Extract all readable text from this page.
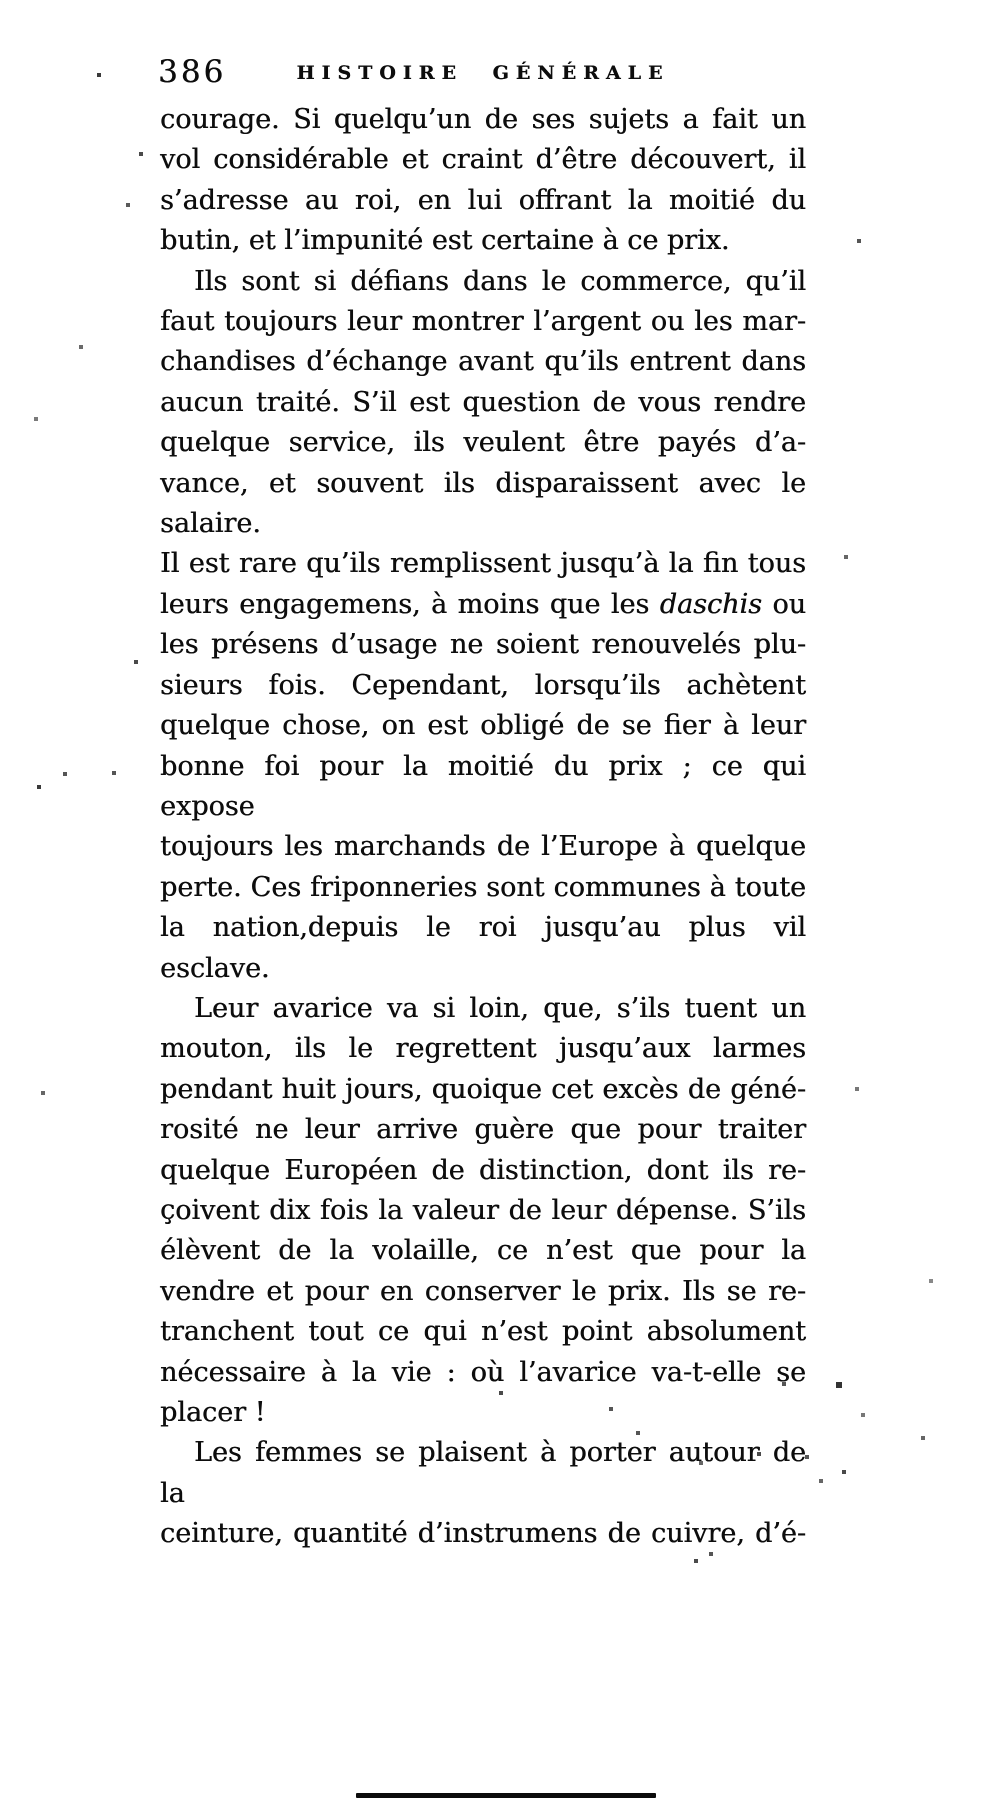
386	HISTOIRE GÉNÉRALE
courage. Si quelqu’un de ses sujets a fait un
vol considérable et craint d’être découvert, il
s’adresse au roi, en lui offrant la moitié du
butin, et l’impunité est certaine à ce prix.
Ils sont si défians dans le commerce, qu’il
faut toujours leur montrer l’argent ou les mar-
chandises d’échange avant qu’ils entrent dans
aucun traité. S’il est question de vous rendre
quelque service, ils veulent être payés d’a-
vance, et souvent ils disparaissent avec le salaire.
Il est rare qu’ils remplissent jusqu’à la fin tous
leurs engagemens, à moins que les daschis ou
les présens d’usage ne soient renouvelés plu-
sieurs fois. Cependant, lorsqu’ils achètent
quelque chose, on est obligé de se fier à leur
bonne foi pour la moitié du prix ; ce qui expose
toujours les marchands de l’Europe à quelque
perte. Ces friponneries sont communes à toute
la nation,depuis le roi jusqu’au plus vil esclave.
Leur avarice va si loin, que, s’ils tuent un
mouton, ils le regrettent jusqu’aux larmes
pendant huit jours, quoique cet excès de géné-
rosité ne leur arrive guère que pour traiter
quelque Européen de distinction, dont ils re-
çoivent dix fois la valeur de leur dépense. S’ils
élèvent de la volaille, ce n’est que pour la
vendre et pour en conserver le prix. Ils se re-
tranchent tout ce qui n’est point absolument
nécessaire à la vie : où l’avarice va-t-elle se
placer !
Les femmes se plaisent à porter autour de la
ceinture, quantité d’instrumens de cuivre, d’é-
